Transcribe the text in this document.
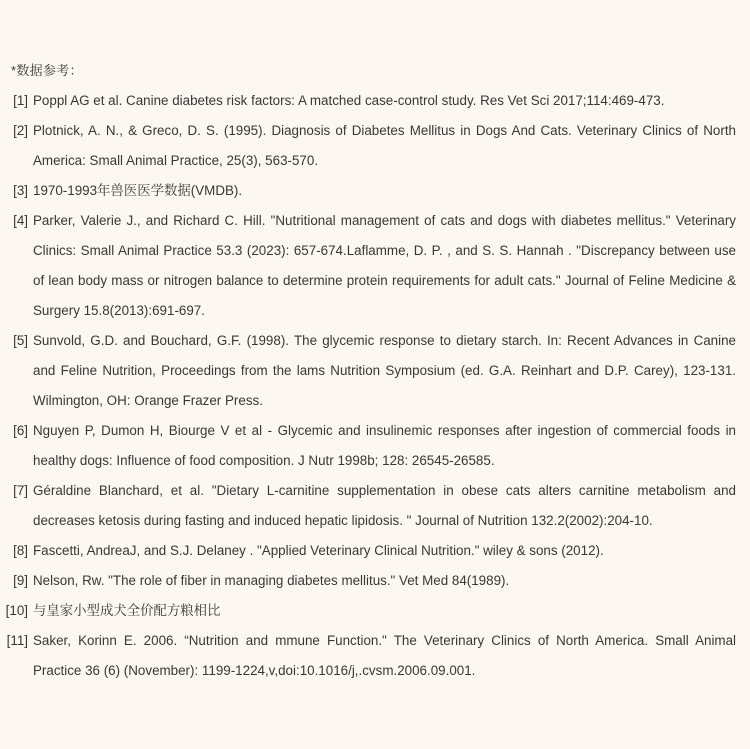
*数据参考：
[1] Poppl AG et al. Canine diabetes risk factors: A matched case-control study. Res Vet Sci 2017;114:469-473.
[2] Plotnick, A. N., & Greco, D. S. (1995). Diagnosis of Diabetes Mellitus in Dogs And Cats. Veterinary Clinics of North America: Small Animal Practice, 25(3), 563-570.
[3] 1970-1993年兽医医学数据(VMDB).
[4] Parker, Valerie J., and Richard C. Hill. "Nutritional management of cats and dogs with diabetes mellitus." Veterinary Clinics: Small Animal Practice 53.3 (2023): 657-674.Laflamme, D. P. , and S. S. Hannah . "Discrepancy between use of lean body mass or nitrogen balance to determine protein requirements for adult cats." Journal of Feline Medicine & Surgery 15.8(2013):691-697.
[5] Sunvold, G.D. and Bouchard, G.F. (1998). The glycemic response to dietary starch. In: Recent Advances in Canine and Feline Nutrition, Proceedings from the lams Nutrition Symposium (ed. G.A. Reinhart and D.P. Carey), 123-131. Wilmington, OH: Orange Frazer Press.
[6] Nguyen P, Dumon H, Biourge V et al - Glycemic and insulinemic responses after ingestion of commercial foods in healthy dogs: Influence of food composition. J Nutr 1998b; 128: 26545-26585.
[7] Géraldine Blanchard, et al. "Dietary L-carnitine supplementation in obese cats alters carnitine metabolism and decreases ketosis during fasting and induced hepatic lipidosis. " Journal of Nutrition 132.2(2002):204-10.
[8] Fascetti, AndreaJ, and S.J. Delaney . "Applied Veterinary Clinical Nutrition." wiley & sons (2012).
[9] Nelson, Rw. "The role of fiber in managing diabetes mellitus." Vet Med 84(1989).
[10] 与皇家小型成犬全价配方粮相比
[11] Saker, Korinn E. 2006. “Nutrition and mmune Function." The Veterinary Clinics of North America. Small Animal Practice 36 (6) (November): 1199-1224,v,doi:10.1016/j,.cvsm.2006.09.001.
